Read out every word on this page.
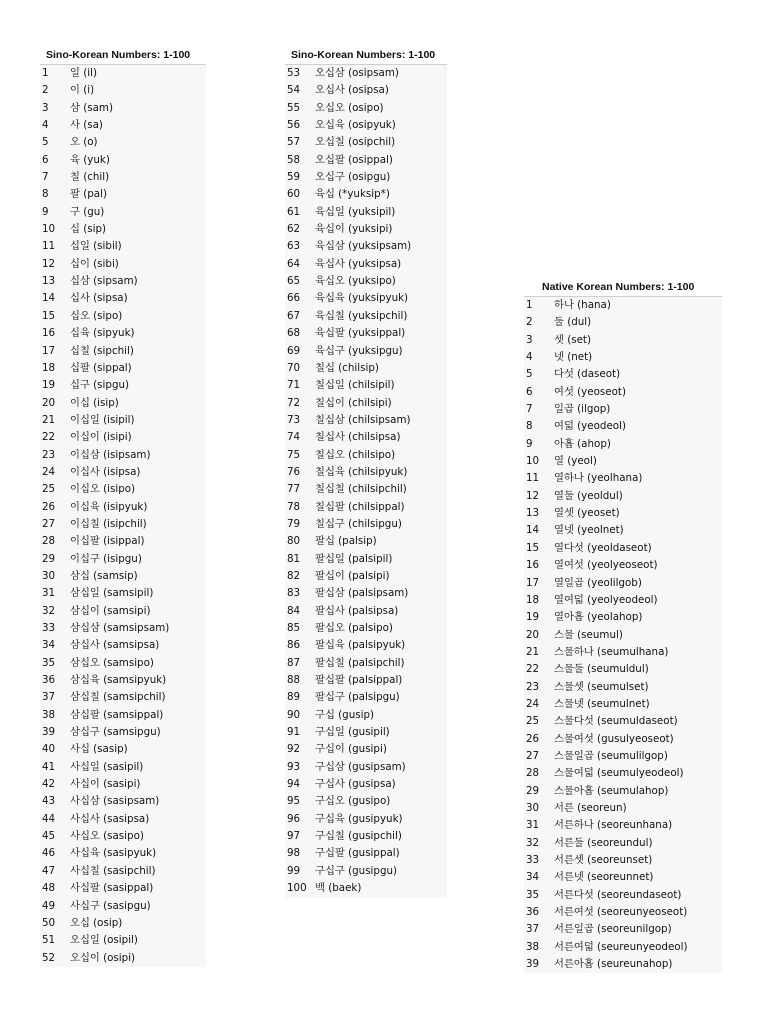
Sino-Korean Numbers: 1-100
1	일 (il)
2	이 (i)
3	삼 (sam)
4	사 (sa)
5	오 (o)
6	육 (yuk)
7	칠 (chil)
8	팔 (pal)
9	구 (gu)
10	십 (sip)
11	십일 (sibil)
12	십이 (sibi)
13	십삼 (sipsam)
14	십사 (sipsa)
15	십오 (sipo)
16	십육 (sipyuk)
17	십칠 (sipchil)
18	십팔 (sippal)
19	십구 (sipgu)
20	이십 (isip)
21	이십일 (isipil)
22	이십이 (isipi)
23	이십삼 (isipsam)
24	이십사 (isipsa)
25	이십오 (isipo)
26	이십육 (isipyuk)
27	이십칠 (isipchil)
28	이십팔 (isippal)
29	이십구 (isipgu)
30	삼십 (samsip)
31	삼십일 (samsipil)
32	삼십이 (samsipi)
33	삼십삼 (samsipsam)
34	삼십사 (samsipsa)
35	삼십오 (samsipo)
36	삼십육 (samsipyuk)
37	삼십칠 (samsipchil)
38	삼십팔 (samsippal)
39	삼십구 (samsipgu)
40	사십 (sasip)
41	사십일 (sasipil)
42	사십이 (sasipi)
43	사십삼 (sasipsam)
44	사십사 (sasipsa)
45	사십오 (sasipo)
46	사십육 (sasipyuk)
47	사십칠 (sasipchil)
48	사십팔 (sasippal)
49	사십구 (sasipgu)
50	오십 (osip)
51	오십일 (osipil)
52	오십이 (osipi)
Sino-Korean Numbers: 1-100
53	오십삼 (osipsam)
54	오십사 (osipsa)
55	오십오 (osipo)
56	오십육 (osipyuk)
57	오십칠 (osipchil)
58	오십팔 (osippal)
59	오십구 (osipgu)
60	육십 (*yuksip*)
61	육십일 (yuksipil)
62	육십이 (yuksipi)
63	육십삼 (yuksipsam)
64	육십사 (yuksipsa)
65	육십오 (yuksipo)
66	육십육 (yuksipyuk)
67	육십칠 (yuksipchil)
68	육십팔 (yuksippal)
69	육십구 (yuksipgu)
70	칠십 (chilsip)
71	칠십일 (chilsipil)
72	칠십이 (chilsipi)
73	칠십삼 (chilsipsam)
74	칠십사 (chilsipsa)
75	칠십오 (chilsipo)
76	칠십육 (chilsipyuk)
77	칠십칠 (chilsipchil)
78	칠십팔 (chilsippal)
79	칠십구 (chilsipgu)
80	팔십 (palsip)
81	팔십일 (palsipil)
82	팔십이 (palsipi)
83	팔십삼 (palsipsam)
84	팔십사 (palsipsa)
85	팔십오 (palsipo)
86	팔십육 (palsipyuk)
87	팔십칠 (palsipchil)
88	팔십팔 (palsippal)
89	팔십구 (palsipgu)
90	구십 (gusip)
91	구십일 (gusipil)
92	구십이 (gusipi)
93	구십삼 (gusipsam)
94	구십사 (gusipsa)
95	구십오 (gusipo)
96	구십육 (gusipyuk)
97	구십칠 (gusipchil)
98	구십팔 (gusippal)
99	구십구 (gusipgu)
100 백 (baek)
Native Korean Numbers: 1-100
1	하나 (hana)
2	둘 (dul)
3	셋 (set)
4	넷 (net)
5	다섯 (daseot)
6	여섯 (yeoseot)
7	일곱 (ilgop)
8	여덟 (yeodeol)
9	아홉 (ahop)
10	열 (yeol)
11	열하나 (yeolhana)
12	열둘 (yeoldul)
13	열셋 (yeoset)
14	열넷 (yeolnet)
15	열다섯 (yeoldaseot)
16	열여섯 (yeolyeoseot)
17	열일곱 (yeolilgob)
18	열여덟 (yeolyeodeol)
19	열아홉 (yeolahop)
20	스물 (seumul)
21	스물하나 (seumulhana)
22	스물둘 (seumuldul)
23	스물셋 (seumulset)
24	스물넷 (seumulnet)
25	스물다섯 (seumuldaseot)
26	스물여섯 (gusulyeoseot)
27	스물일곱 (seumulilgop)
28	스물여덟 (seumulyeodeol)
29	스물아홉 (seumulahop)
30	서른 (seoreun)
31	서른하나 (seoreunhana)
32	서른둘 (seoreundul)
33	서른셋 (seoreunset)
34	서른넷 (seoreunnet)
35	서른다섯 (seoreundaseot)
36	서른여섯 (seoreunyeoseot)
37	서른일곱 (seoreunilgop)
38	서른여덟 (seureunyeodeol)
39	서른아홉 (seureunahop)
